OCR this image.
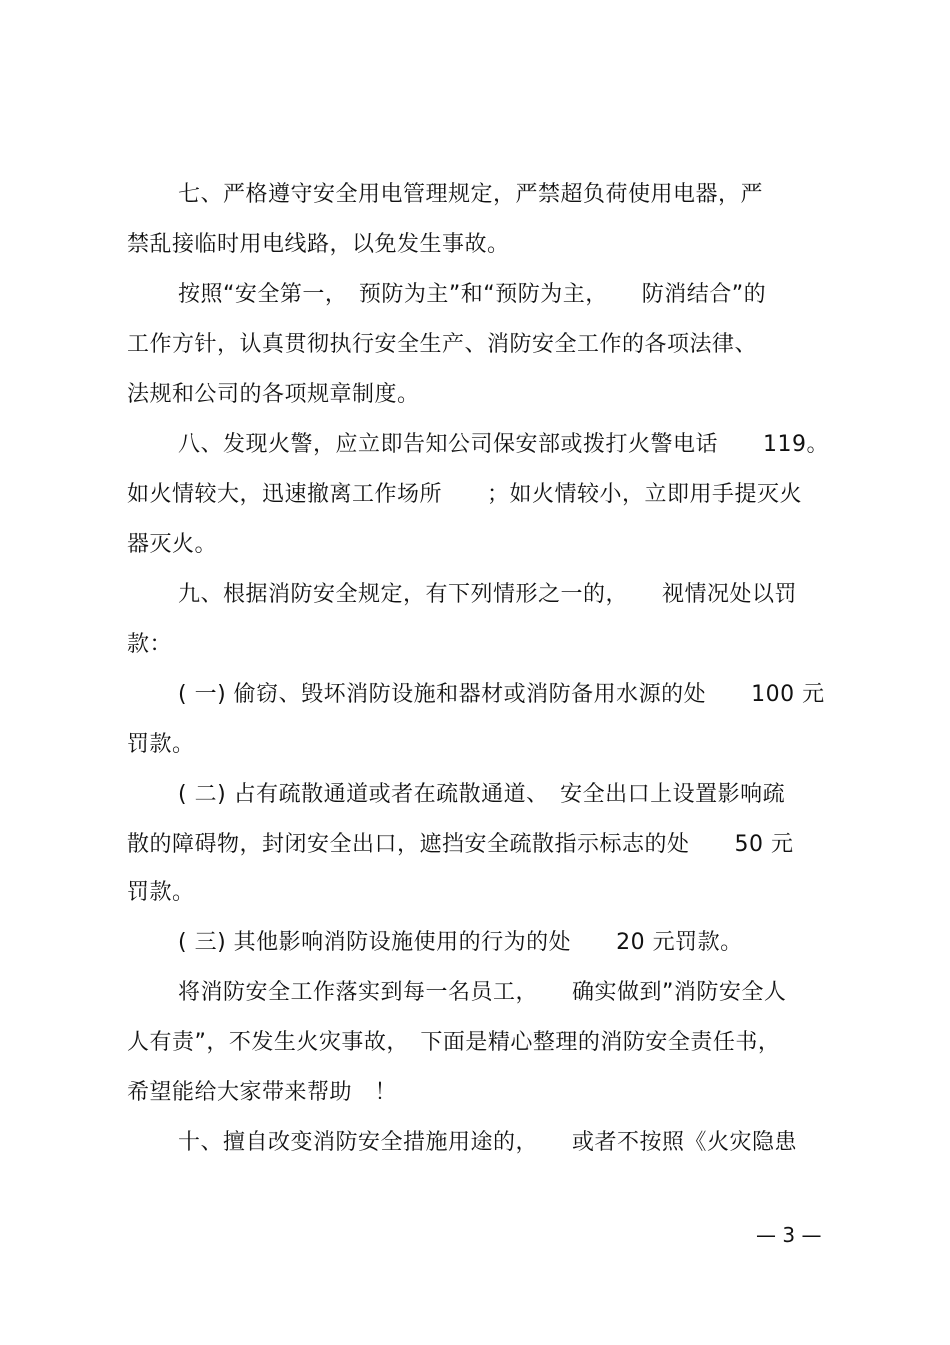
七、严格遵守安全用电管理规定，严禁超负荷使用电器，严
禁乱接临时用电线路，以免发生事故。
按照“安全第一，　预防为主”和“预防为主，　　防消结合”的
工作方针，认真贯彻执行安全生产、消防安全工作的各项法律、
法规和公司的各项规章制度。
八、发现火警，应立即告知公司保安部或拨打火警电话　　119。
如火情较大，迅速撤离工作场所　　；如火情较小，立即用手提灭火
器灭火。
九、根据消防安全规定，有下列情形之一的，　　视情况处以罚
款：
( 一) 偷窃、毁坏消防设施和器材或消防备用水源的处　　100 元
罚款。
( 二) 占有疏散通道或者在疏散通道、　安全出口上设置影响疏
散的障碍物，封闭安全出口，遮挡安全疏散指示标志的处　　50 元
罚款。
( 三) 其他影响消防设施使用的行为的处　　20 元罚款。
将消防安全工作落实到每一名员工，　　确实做到”消防安全人
人有责”，不发生火灾事故，　下面是精心整理的消防安全责任书，
希望能给大家带来帮助　！
十、擅自改变消防安全措施用途的，　　或者不按照《火灾隐患
— 3 —
